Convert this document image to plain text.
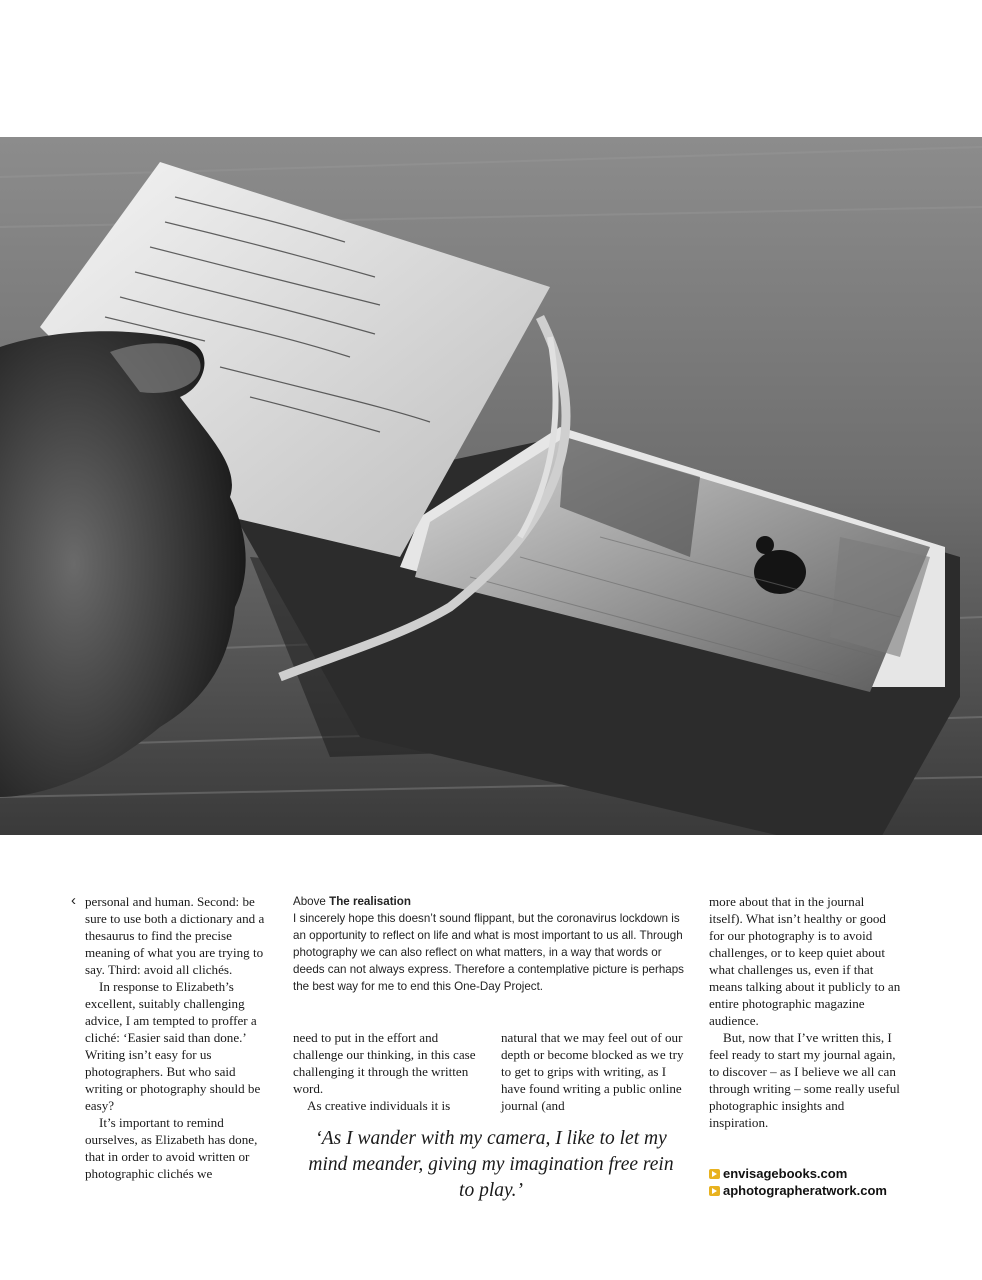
‹ personal and human. Second: be sure to use both a dictionary and a thesaurus to find the precise meaning of what you are trying to say. Third: avoid all clichés.

In response to Elizabeth’s excellent, suitably challenging advice, I am tempted to proffer a cliché: ‘Easier said than done.’ Writing isn’t easy for us photographers. But who said writing or photography should be easy?

It’s important to remind ourselves, as Elizabeth has done, that in order to avoid written or photographic clichés we

Above The realisation
I sincerely hope this doesn’t sound flippant, but the coronavirus lockdown is an opportunity to reflect on life and what is most important to us all. Through photography we can also reflect on what matters, in a way that words or deeds can not always express. Therefore a contemplative picture is perhaps the best way for me to end this One-Day Project.

need to put in the effort and challenge our thinking, in this case challenging it through the written word.

As creative individuals it is

natural that we may feel out of our depth or become blocked as we try to get to grips with writing, as I have found writing a public online journal (and

‘As I wander with my camera, I like to let my mind meander, giving my imagination free rein to play.’

more about that in the journal itself). What isn’t healthy or good for our photography is to avoid challenges, or to keep quiet about what challenges us, even if that means talking about it publicly to an entire photographic magazine audience.

But, now that I’ve written this, I feel ready to start my journal again, to discover – as I believe we all can through writing – some really useful photographic insights and inspiration.

envisagebooks.com
aphotographeratwork.com
